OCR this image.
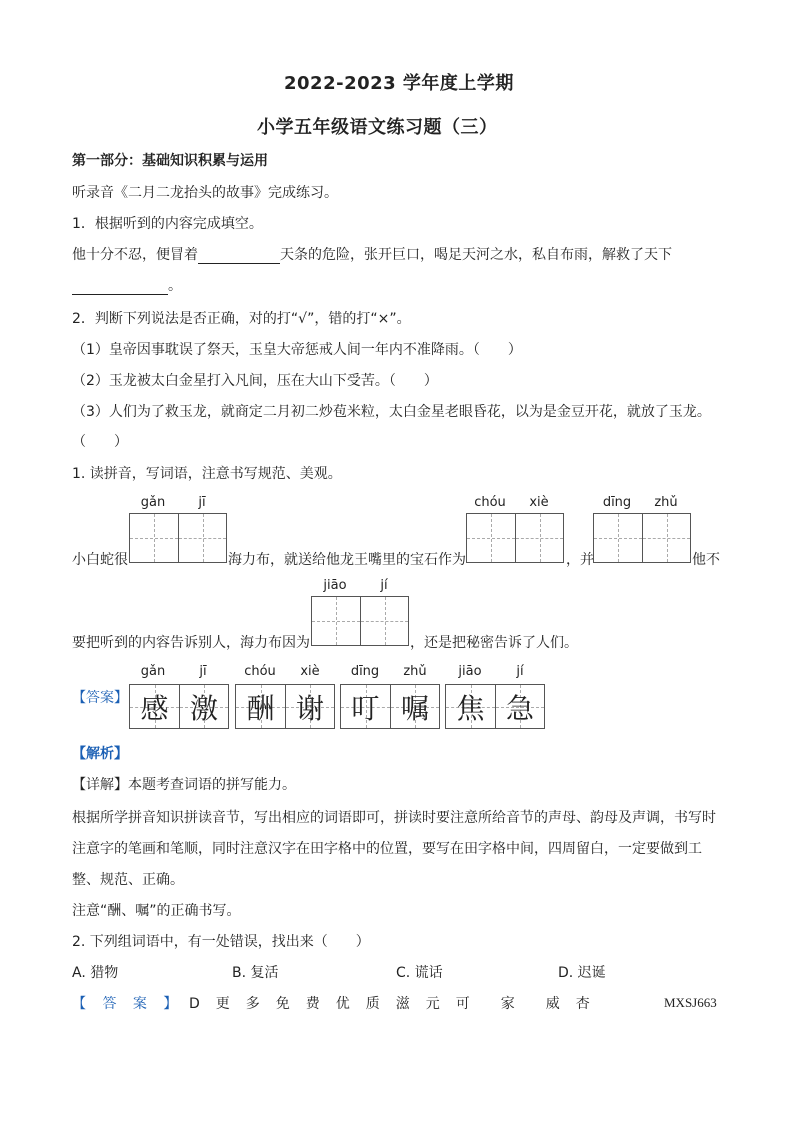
2022-2023 学年度上学期
小学五年级语文练习题（三）
第一部分：基础知识积累与运用
听录音《二月二龙抬头的故事》完成练习。
1．根据听到的内容完成填空。
他十分不忍，便冒着	天条的危险，张开巨口，喝足天河之水，私自布雨，解救了天下
。
2．判断下列说法是否正确，对的打“√”，错的打“×”。
（1）皇帝因事耽误了祭天，玉皇大帝惩戒人间一年内不准降雨。（　　）
（2）玉龙被太白金星打入凡间，压在大山下受苦。（　　）
（3）人们为了救玉龙，就商定二月初二炒苞米粒，太白金星老眼昏花，以为是金豆开花，就放了玉龙。
（　　）
1. 读拼音，写词语，注意书写规范、美观。
gǎn	jī	chóu	xiè	dīng	zhǔ
小白蛇很	海力布，就送给他龙王嘴里的宝石作为	，并	他不
jiāo	jí
要把听到的内容告诉别人，海力布因为	，还是把秘密告诉了人们。
【答案】
gǎn	jī	chóu	xiè	dīng	zhǔ	jiāo	jí
感 激	酬 谢 叮 嘱 焦 急
【解析】
【详解】本题考查词语的拼写能力。
根据所学拼音知识拼读音节，写出相应的词语即可，拼读时要注意所给音节的声母、韵母及声调，书写时
注意字的笔画和笔顺，同时注意汉字在田字格中的位置，要写在田字格中间，四周留白，一定要做到工
整、规范、正确。
注意“酬、嘱”的正确书写。
2. 下列组词语中，有一处错误，找出来（　　）
A. 猎物	B. 复活	C. 谎话	D. 迟诞
【 答 案 】 D　更　多　免　费　优　质　滋　元　可　　家　　威　杏	MXSJ663
